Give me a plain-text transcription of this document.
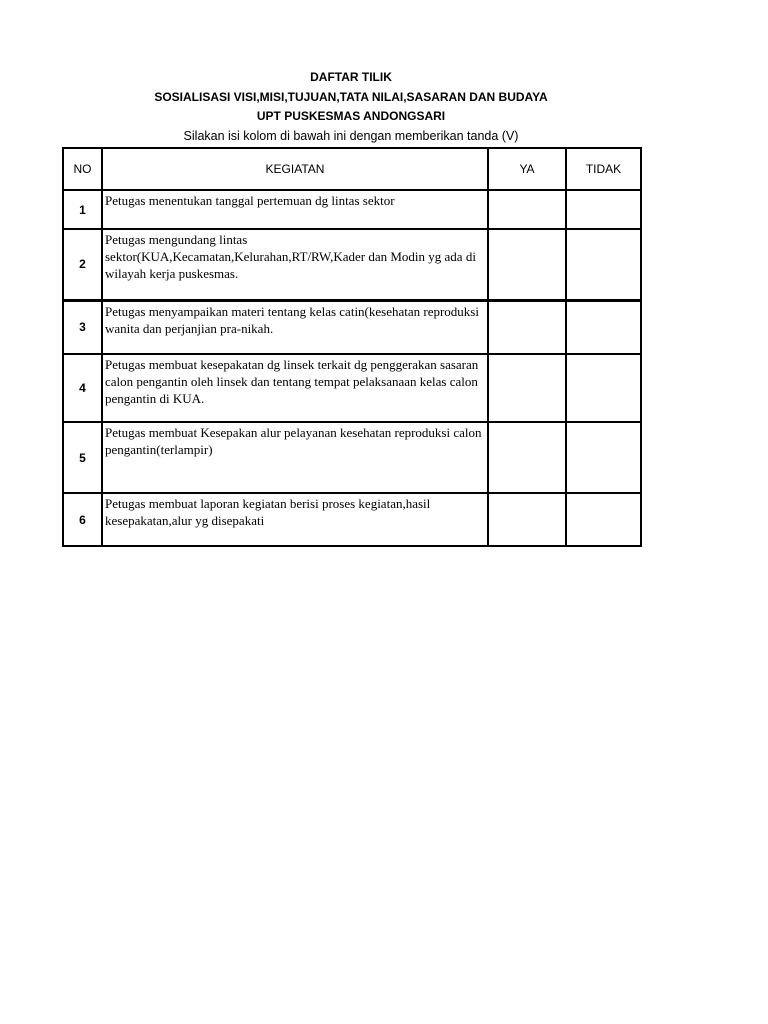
DAFTAR TILIK
SOSIALISASI VISI,MISI,TUJUAN,TATA NILAI,SASARAN DAN BUDAYA
UPT PUSKESMAS ANDONGSARI
Silakan isi kolom di bawah ini dengan memberikan tanda (V)
NO	KEGIATAN	YA	TIDAK
1	Petugas menentukan tanggal pertemuan dg lintas sektor		
2	Petugas mengundang lintas sektor(KUA,Kecamatan,Kelurahan,RT/RW,Kader dan Modin yg ada di wilayah kerja puskesmas.		
3	Petugas menyampaikan materi tentang kelas catin(kesehatan reproduksi wanita dan perjanjian pra-nikah.		
4	Petugas membuat kesepakatan dg linsek terkait dg penggerakan sasaran calon pengantin oleh linsek dan tentang tempat pelaksanaan kelas calon pengantin di KUA.		
5	Petugas membuat Kesepakan alur pelayanan kesehatan reproduksi calon pengantin(terlampir)		
6	Petugas membuat laporan kegiatan berisi proses kegiatan,hasil kesepakatan,alur yg disepakati		
